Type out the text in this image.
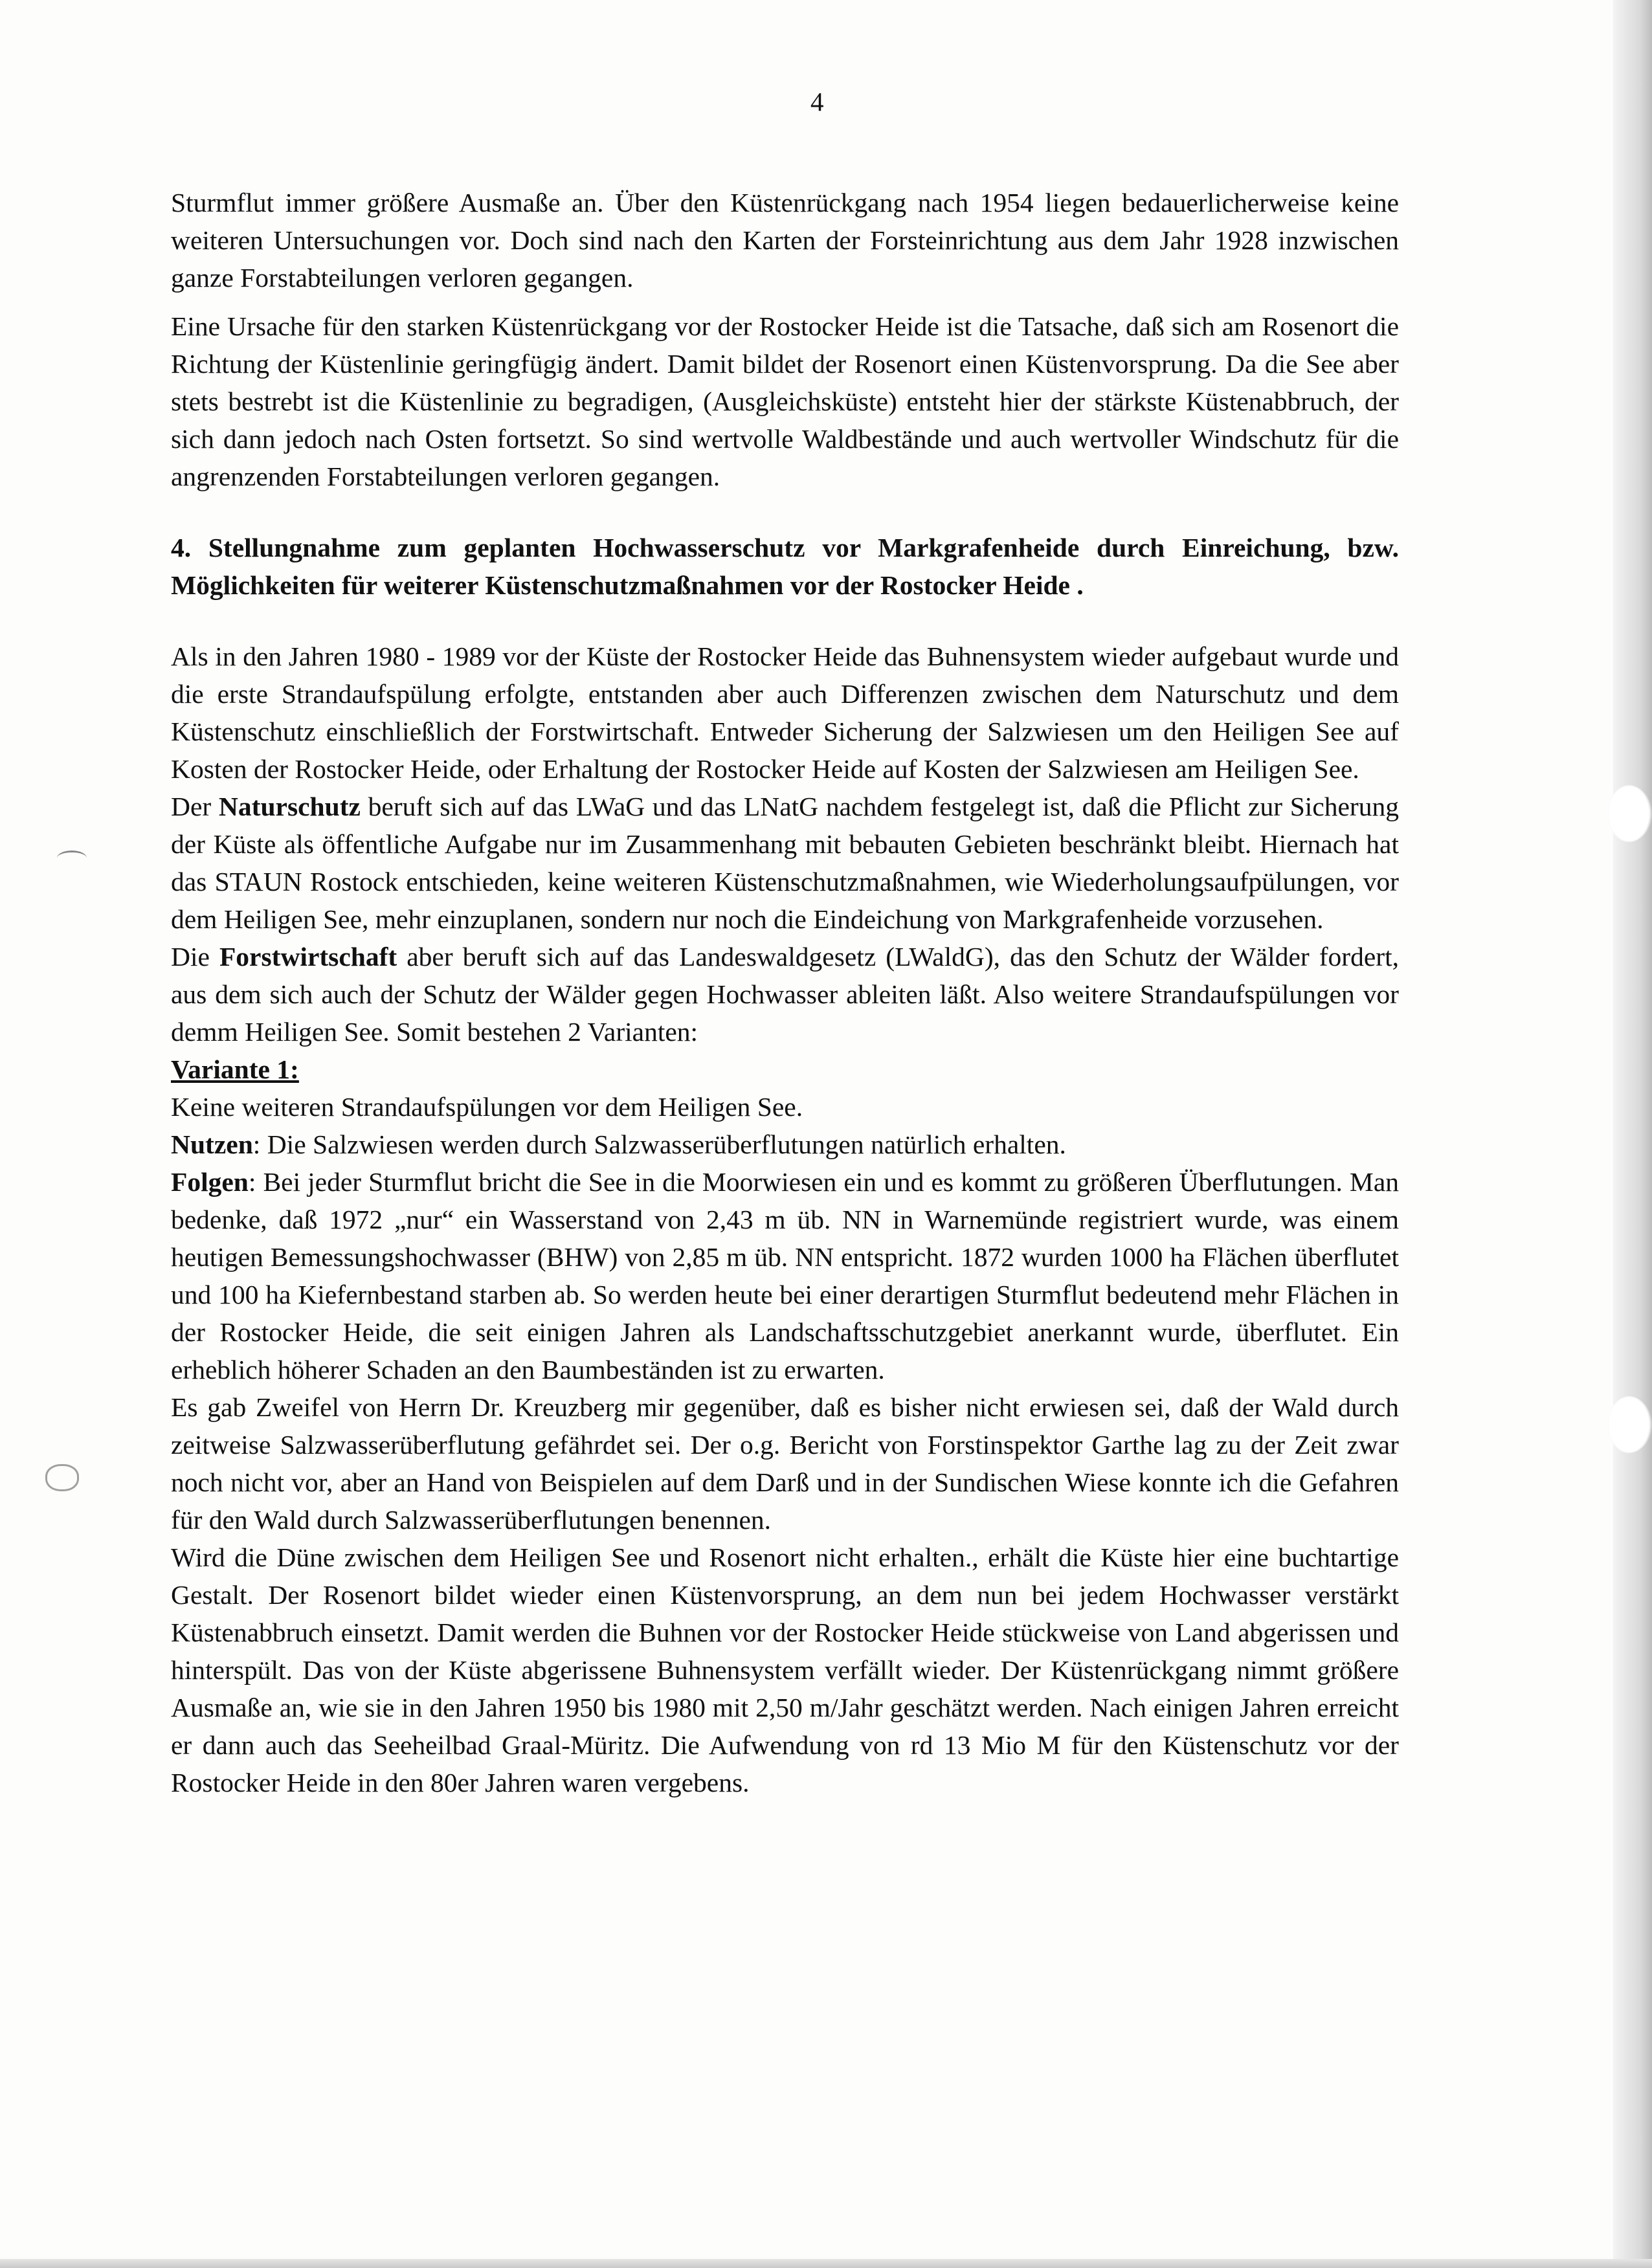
4

Sturmflut immer größere Ausmaße an. Über den Küstenrückgang nach 1954 liegen bedauerlicherweise keine weiteren Untersuchungen vor. Doch sind nach den Karten der Forsteinrichtung aus dem Jahr 1928 inzwischen ganze Forstabteilungen verloren gegangen.

Eine Ursache für den starken Küstenrückgang vor der Rostocker Heide ist die Tatsache, daß sich am Rosenort die Richtung der Küstenlinie geringfügig ändert. Damit bildet der Rosenort einen Küstenvorsprung. Da die See aber stets bestrebt ist die Küstenlinie zu begradigen, (Ausgleichsküste) entsteht hier der stärkste Küstenabbruch, der sich dann jedoch nach Osten fortsetzt. So sind wertvolle Waldbestände und auch wertvoller Windschutz für die angrenzenden Forstabteilungen verloren gegangen.

4. Stellungnahme zum geplanten Hochwasserschutz vor Markgrafenheide durch Einreichung, bzw. Möglichkeiten für weiterer Küstenschutzmaßnahmen vor der Rostocker Heide .

Als in den Jahren 1980 - 1989 vor der Küste der Rostocker Heide das Buhnensystem wieder aufgebaut wurde und die erste Strandaufspülung erfolgte, entstanden aber auch Differenzen zwischen dem Naturschutz und dem Küstenschutz einschließlich der Forstwirtschaft. Entweder Sicherung der Salzwiesen um den Heiligen See auf Kosten der Rostocker Heide, oder Erhaltung der Rostocker Heide auf Kosten der Salzwiesen am Heiligen See.

Der Naturschutz beruft sich auf das LWaG und das LNatG nachdem festgelegt ist, daß die Pflicht zur Sicherung der Küste als öffentliche Aufgabe nur im Zusammenhang mit bebauten Gebieten beschränkt bleibt. Hiernach hat das STAUN Rostock entschieden, keine weiteren Küstenschutzmaßnahmen, wie Wiederholungsaufpülungen, vor dem Heiligen See, mehr einzuplanen, sondern nur noch die Eindeichung von Markgrafenheide vorzusehen.

Die Forstwirtschaft aber beruft sich auf das Landeswaldgesetz (LWaldG), das den Schutz der Wälder fordert, aus dem sich auch der Schutz der Wälder gegen Hochwasser ableiten läßt. Also weitere Strandaufspülungen vor demm Heiligen See. Somit bestehen 2 Varianten:

Variante 1:

Keine weiteren Strandaufspülungen vor dem Heiligen See.

Nutzen: Die Salzwiesen werden durch Salzwasserüberflutungen natürlich erhalten.

Folgen: Bei jeder Sturmflut bricht die See in die Moorwiesen ein und es kommt zu größeren Überflutungen. Man bedenke, daß 1972 „nur“ ein Wasserstand von 2,43 m üb. NN in Warnemünde registriert wurde, was einem heutigen Bemessungshochwasser (BHW) von 2,85 m üb. NN entspricht. 1872 wurden 1000 ha Flächen überflutet und 100 ha Kiefernbestand starben ab. So werden heute bei einer derartigen Sturmflut bedeutend mehr Flächen in der Rostocker Heide, die seit einigen Jahren als Landschaftsschutzgebiet anerkannt wurde, überflutet. Ein erheblich höherer Schaden an den Baumbeständen ist zu erwarten.

Es gab Zweifel von Herrn Dr. Kreuzberg mir gegenüber, daß es bisher nicht erwiesen sei, daß der Wald durch zeitweise Salzwasserüberflutung gefährdet sei. Der o.g. Bericht von Forstinspektor Garthe lag zu der Zeit zwar noch nicht vor, aber an Hand von Beispielen auf dem Darß und in der Sundischen Wiese konnte ich die Gefahren für den Wald durch Salzwasserüberflutungen benennen.

Wird die Düne zwischen dem Heiligen See und Rosenort nicht erhalten., erhält die Küste hier eine buchtartige Gestalt. Der Rosenort bildet wieder einen Küstenvorsprung, an dem nun bei jedem Hochwasser verstärkt Küstenabbruch einsetzt. Damit werden die Buhnen vor der Rostocker Heide stückweise von Land abgerissen und hinterspült. Das von der Küste abgerissene Buhnensystem verfällt wieder. Der Küstenrückgang nimmt größere Ausmaße an, wie sie in den Jahren 1950 bis 1980 mit 2,50 m/Jahr geschätzt werden. Nach einigen Jahren erreicht er dann auch das Seeheilbad Graal-Müritz. Die Aufwendung von rd 13 Mio M für den Küstenschutz vor der Rostocker Heide in den 80er Jahren waren vergebens.
